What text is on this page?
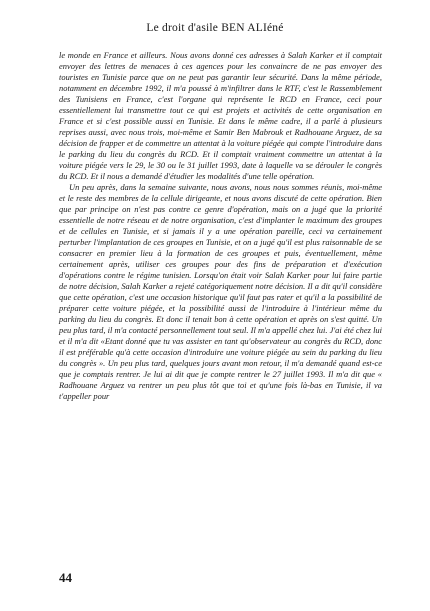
Le droit d'asile BEN ALIéné

le monde en France et ailleurs. Nous avons donné ces adresses à Salah Karker et il comptait envoyer des lettres de menaces à ces agences pour les convaincre de ne pas envoyer des touristes en Tunisie parce que on ne peut pas garantir leur sécurité. Dans la même période, notamment en décembre 1992, il m'a poussé à m'infiltrer dans le RTF, c'est le Rassemblement des Tunisiens en France, c'est l'organe qui représente le RCD en France, ceci pour essentiellement lui transmettre tout ce qui est projets et activités de cette organisation en France et si c'est possible aussi en Tunisie. Et dans le même cadre, il a parlé à plusieurs reprises aussi, avec nous trois, moi-même et Samir Ben Mabrouk et Radhouane Arguez, de sa décision de frapper et de commettre un attentat à la voiture piégée qui compte l'introduire dans le parking du lieu du congrès du RCD. Et il comptait vraiment commettre un attentat à la voiture piégée vers le 29, le 30 ou le 31 juillet 1993, date à laquelle va se dérouler le congrès du RCD. Et il nous a demandé d'étudier les modalités d'une telle opération.

Un peu après, dans la semaine suivante, nous avons, nous nous sommes réunis, moi-même et le reste des membres de la cellule dirigeante, et nous avons discuté de cette opération. Bien que par principe on n'est pas contre ce genre d'opération, mais on a jugé que la priorité essentielle de notre réseau et de notre organisation, c'est d'implanter le maximum des groupes et de cellules en Tunisie, et si jamais il y a une opération pareille, ceci va certainement perturber l'implantation de ces groupes en Tunisie, et on a jugé qu'il est plus raisonnable de se consacrer en premier lieu à la formation de ces groupes et puis, éventuellement, même certainement après, utiliser ces groupes pour des fins de préparation et d'exécution d'opérations contre le régime tunisien. Lorsqu'on était voir Salah Karker pour lui faire partie de notre décision, Salah Karker a rejeté catégoriquement notre décision. Il a dit qu'il considère que cette opération, c'est une occasion historique qu'il faut pas rater et qu'il a la possibilité de préparer cette voiture piégée, et la possibilité aussi de l'introduire à l'intérieur même du parking du lieu du congrès. Et donc il tenait bon à cette opération et après on s'est quitté. Un peu plus tard, il m'a contacté personnellement tout seul. Il m'a appellé chez lui. J'ai été chez lui et il m'a dit «Etant donné que tu vas assister en tant qu'observateur au congrès du RCD, donc il est préférable qu'à cette occasion d'introduire une voiture piégée au sein du parking du lieu du congrès ». Un peu plus tard, quelques jours avant mon retour, il m'a demandé quand est-ce que je comptais rentrer. Je lui ai dit que je compte rentrer le 27 juillet 1993. Il m'a dit que « Radhouane Arguez va rentrer un peu plus tôt que toi et qu'une fois là-bas en Tunisie, il va t'appeller pour

44
